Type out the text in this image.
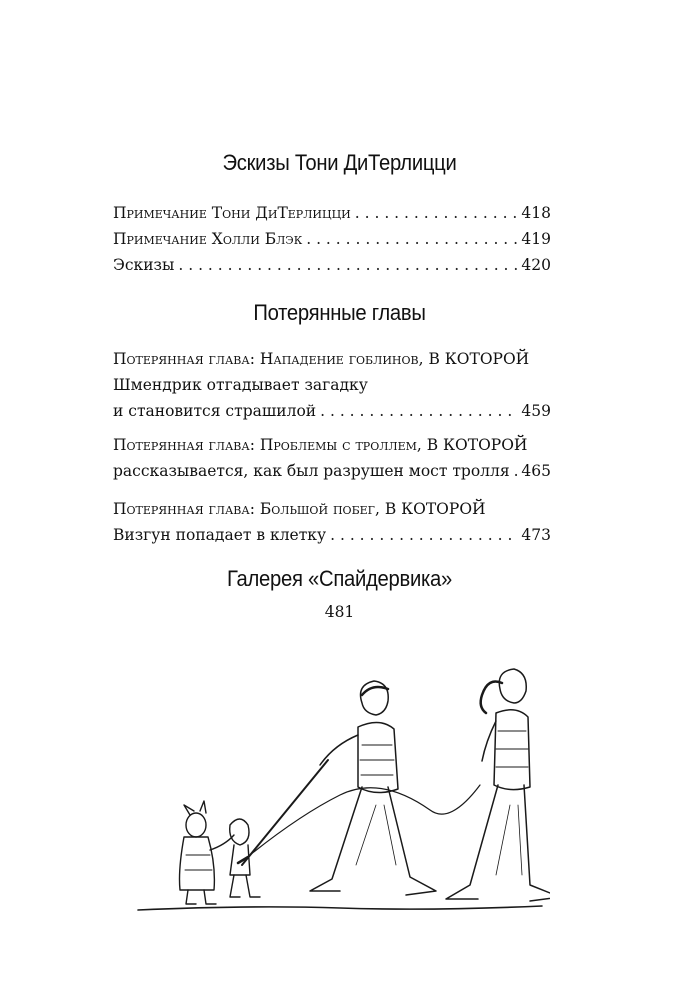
Эскизы Тони ДиТерлицци
Примечание Тони ДиТерлицци . . .	418
Примечание Холли Блэк . . .	419
Эскизы . . .	420
Потерянные главы
Потерянная глава: Нападение гоблинов, В КОТОРОЙ
Шмендрик отгадывает загадку
и становится страшилой . . .	459
Потерянная глава: Проблемы с троллем, В КОТОРОЙ
рассказывается, как был разрушен мост тролля . . . 465
Потерянная глава: Большой побег, В КОТОРОЙ
Визгун попадает в клетку . . .	473
Галерея «Спайдервика»
481
